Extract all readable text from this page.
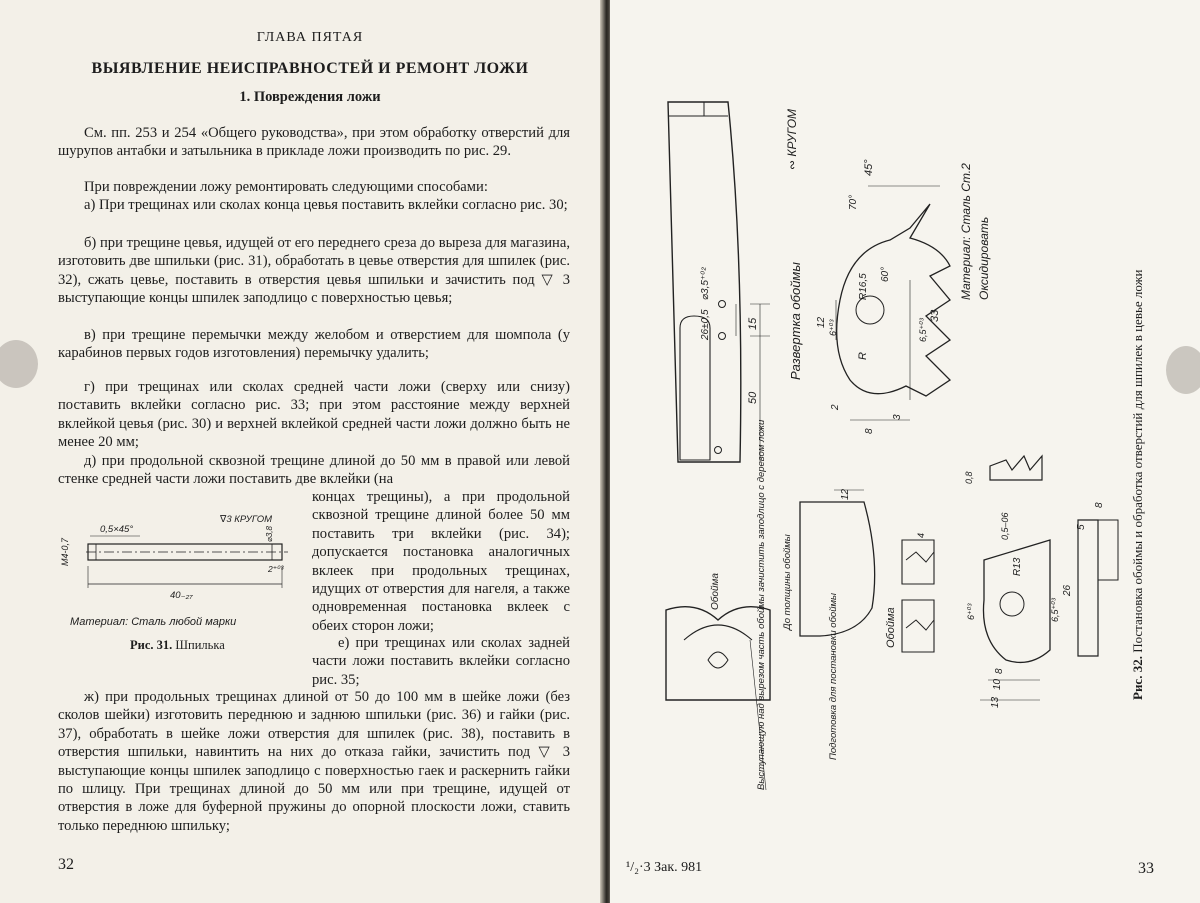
ГЛАВА ПЯТАЯ
ВЫЯВЛЕНИЕ НЕИСПРАВНОСТЕЙ И РЕМОНТ ЛОЖИ
1. Повреждения ложи

См. пп. 253 и 254 «Общего руководства», при этом обработку отверстий для шурупов антабки и затыльника в прикладе ложи производить по рис. 29.

При повреждении ложу ремонтировать следующими способами:

а) При трещинах или сколах конца цевья поставить вклейки согласно рис. 30;

б) при трещине цевья, идущей от его переднего среза до выреза для магазина, изготовить две шпильки (рис. 31), обработать в цевье отверстия для шпилек (рис. 32), сжать цевье, поставить в отверстия цевья шпильки и зачистить под ▽ 3 выступающие концы шпилек заподлицо с поверхностью цевья;

в) при трещине перемычки между желобом и отверстием для шомпола (у карабинов первых годов изготовления) перемычку удалить;

г) при трещинах или сколах средней части ложи (сверху или снизу) поставить вклейки согласно рис. 33; при этом расстояние между верхней вклейкой цевья (рис. 30) и верхней вклейкой средней части ложи должно быть не менее 20 мм;

д) при продольной сквозной трещине длиной до 50 мм в правой или левой стенке средней части ложи поставить две вклейки (на

концах трещины), а при продольной сквозной трещине длиной более 50 мм поставить три вклейки (рис. 34); допускается постановка аналогичных вклеек при продольных трещинах, идущих от отверстия для нагеля, а также одновременная постановка вклеек с обеих сторон ложи;

е) при трещинах или сколах задней части ложи поставить вклейки согласно рис. 35;

ж) при продольных трещинах длиной от 50 до 100 мм в шейке ложи (без сколов шейки) изготовить переднюю и заднюю шпильки (рис. 36) и гайки (рис. 37), обработать в шейке ложи отверстия для шпилек (рис. 38), поставить в отверстия шпильки, навинтить на них до отказа гайки, зачистить под ▽ 3 выступающие концы шпилек заподлицо с поверхностью гаек и раскернить гайки по шлицу. При трещинах длиной до 50 мм или при трещине, идущей от отверстия в ложе для буферной пружины до опорной плоскости ложи, ставить только переднюю шпильку;

M4-0,7
0,5×45°
∇3 КРУГОМ
⌀3,8
2⁺⁰³
40₋₂₇
Материал: Сталь любой марки
Рис. 31. Шпилька
32
∾ КРУГОМ
Развертка обоймы
Материал: Сталь Ст.2 Оксидировать
⌀3,5⁺⁰²
26±0,5	15
50
45°
70°
60°
R16,5
R
12 6⁺⁰³	6,5⁺⁰³
33
2
3
8
0,8
12
Обойма	До толщины обоймы
Выступающую над вырезом часть обоймы зачистить заподлицо с деревом ложи	Подготовка для постановки обоймы	Обойма
4
R13
0,5–06
6⁺⁰³	6,5⁺⁰³
26
8
10
13
5
8
Рис. 32. Постановка обоймы и обработка отверстий для шпилек в цевье ложи
¹/₂·3 Зак. 981	33
